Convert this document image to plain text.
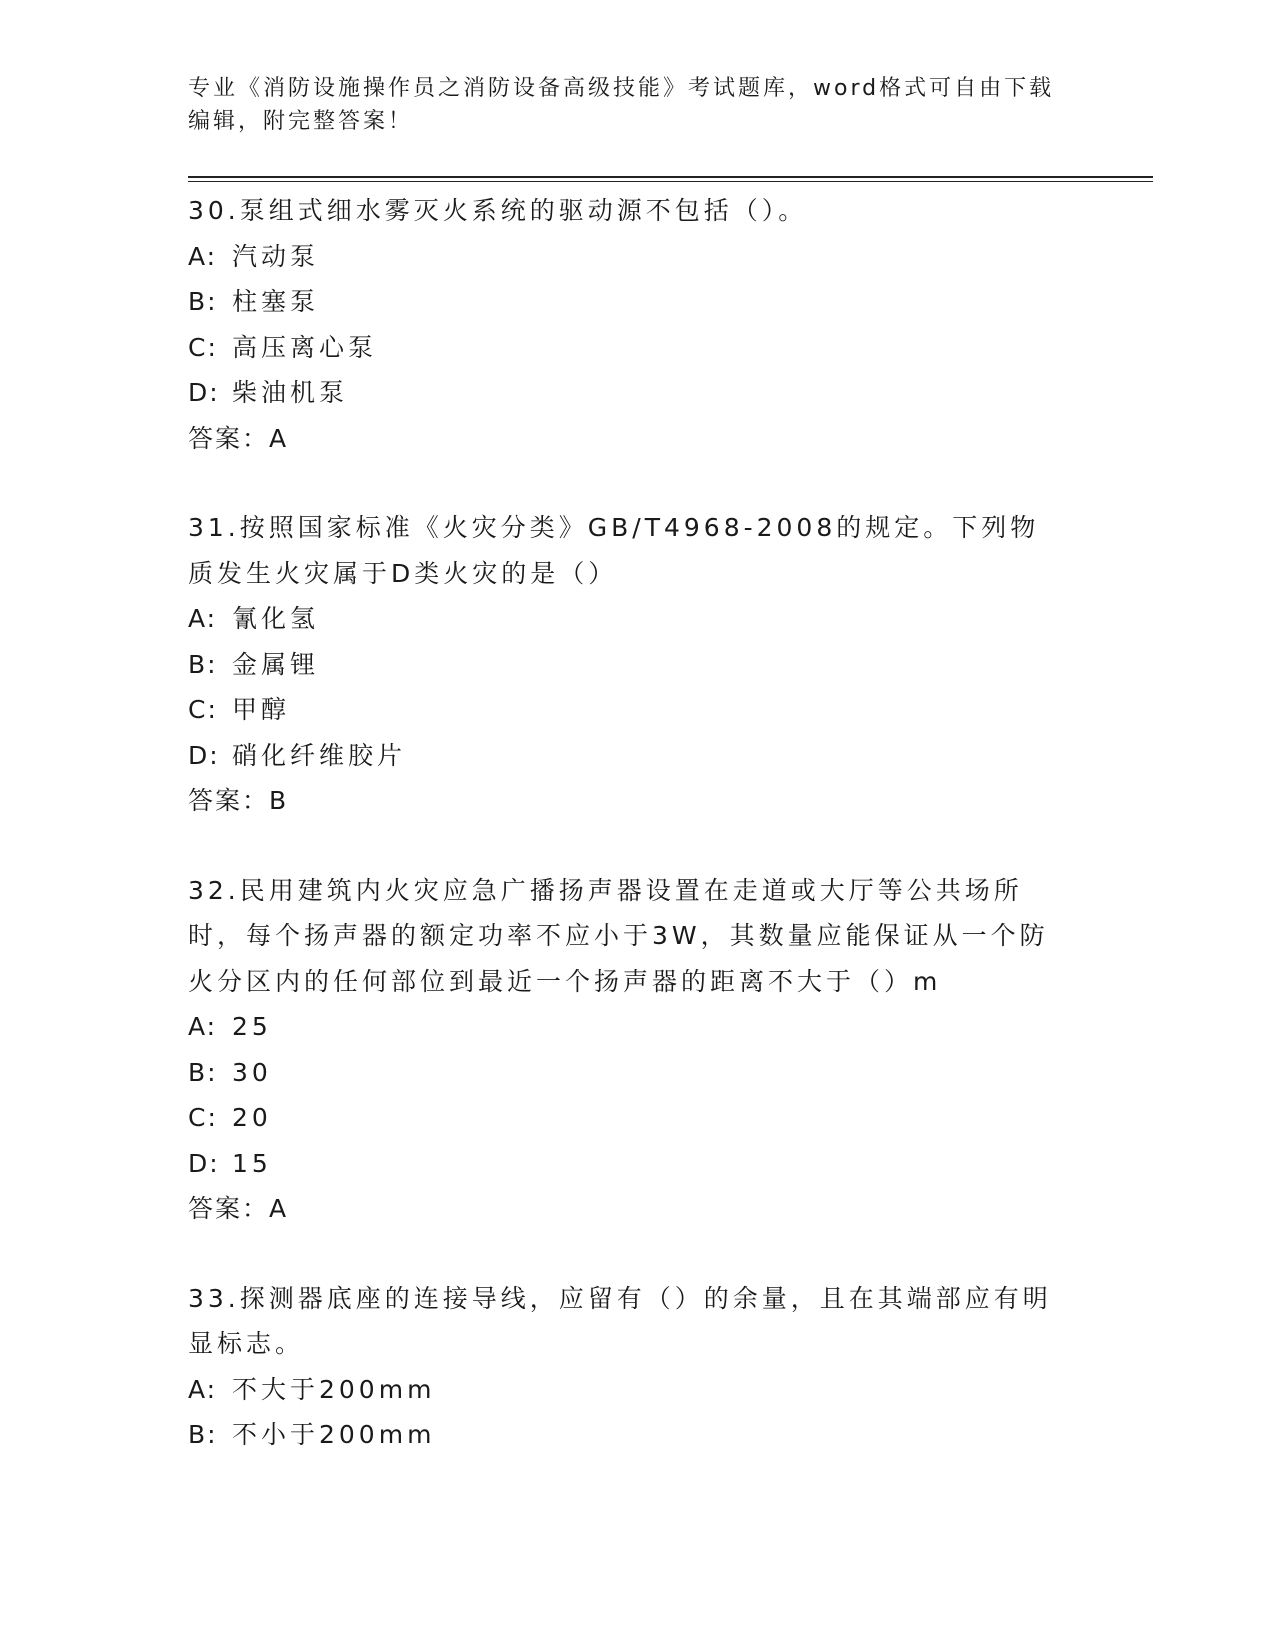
专业《消防设施操作员之消防设备高级技能》考试题库，word格式可自由下载编辑，附完整答案！
30.泵组式细水雾灭火系统的驱动源不包括（）。
A: 汽动泵
B: 柱塞泵
C: 高压离心泵
D: 柴油机泵
答案：A
31.按照国家标准《火灾分类》GB/T4968-2008的规定。下列物质发生火灾属于D类火灾的是（）
A: 氰化氢
B: 金属锂
C: 甲醇
D: 硝化纤维胶片
答案：B
32.民用建筑内火灾应急广播扬声器设置在走道或大厅等公共场所时，每个扬声器的额定功率不应小于3W，其数量应能保证从一个防火分区内的任何部位到最近一个扬声器的距离不大于（）m
A: 25
B: 30
C: 20
D: 15
答案：A
33.探测器底座的连接导线，应留有（）的余量，且在其端部应有明显标志。
A: 不大于200mm
B: 不小于200mm
